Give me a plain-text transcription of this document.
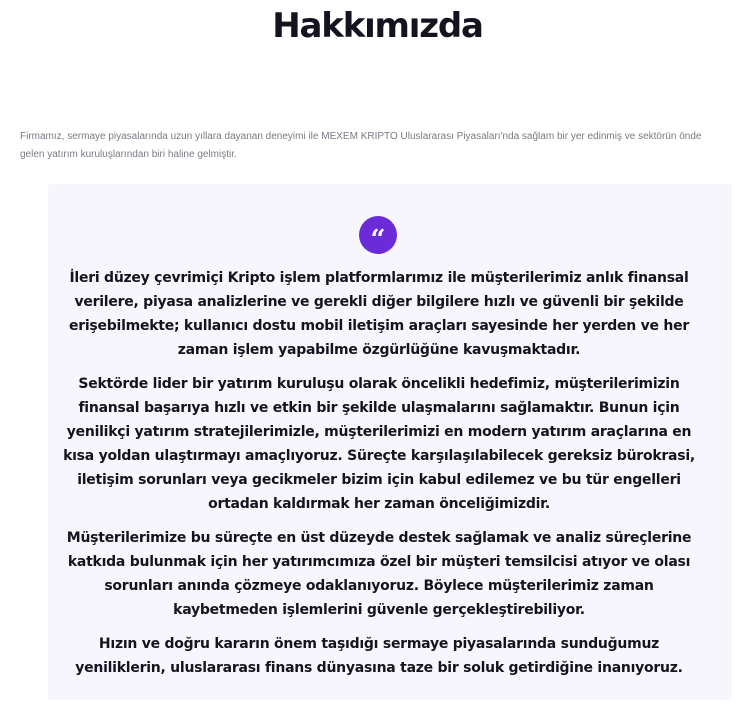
Hakkımızda

Firmamız, sermaye piyasalarında uzun yıllara dayanan deneyimi ile MEXEM KRIPTO Uluslararası Piyasaları'nda sağlam bir yer edinmiş ve sektörün önde gelen yatırım kuruluşlarından biri haline gelmiştir.

“

İleri düzey çevrimiçi Kripto işlem platformlarımız ile müşterilerimiz anlık finansal verilere, piyasa analizlerine ve gerekli diğer bilgilere hızlı ve güvenli bir şekilde erişebilmekte; kullanıcı dostu mobil iletişim araçları sayesinde her yerden ve her zaman işlem yapabilme özgürlüğüne kavuşmaktadır.

Sektörde lider bir yatırım kuruluşu olarak öncelikli hedefimiz, müşterilerimizin finansal başarıya hızlı ve etkin bir şekilde ulaşmalarını sağlamaktır. Bunun için yenilikçi yatırım stratejilerimizle, müşterilerimizi en modern yatırım araçlarına en kısa yoldan ulaştırmayı amaçlıyoruz. Süreçte karşılaşılabilecek gereksiz bürokrasi, iletişim sorunları veya gecikmeler bizim için kabul edilemez ve bu tür engelleri ortadan kaldırmak her zaman önceliğimizdir.

Müşterilerimize bu süreçte en üst düzeyde destek sağlamak ve analiz süreçlerine katkıda bulunmak için her yatırımcımıza özel bir müşteri temsilcisi atıyor ve olası sorunları anında çözmeye odaklanıyoruz. Böylece müşterilerimiz zaman kaybetmeden işlemlerini güvenle gerçekleştirebiliyor.

Hızın ve doğru kararın önem taşıdığı sermaye piyasalarında sunduğumuz yeniliklerin, uluslararası finans dünyasına taze bir soluk getirdiğine inanıyoruz.
